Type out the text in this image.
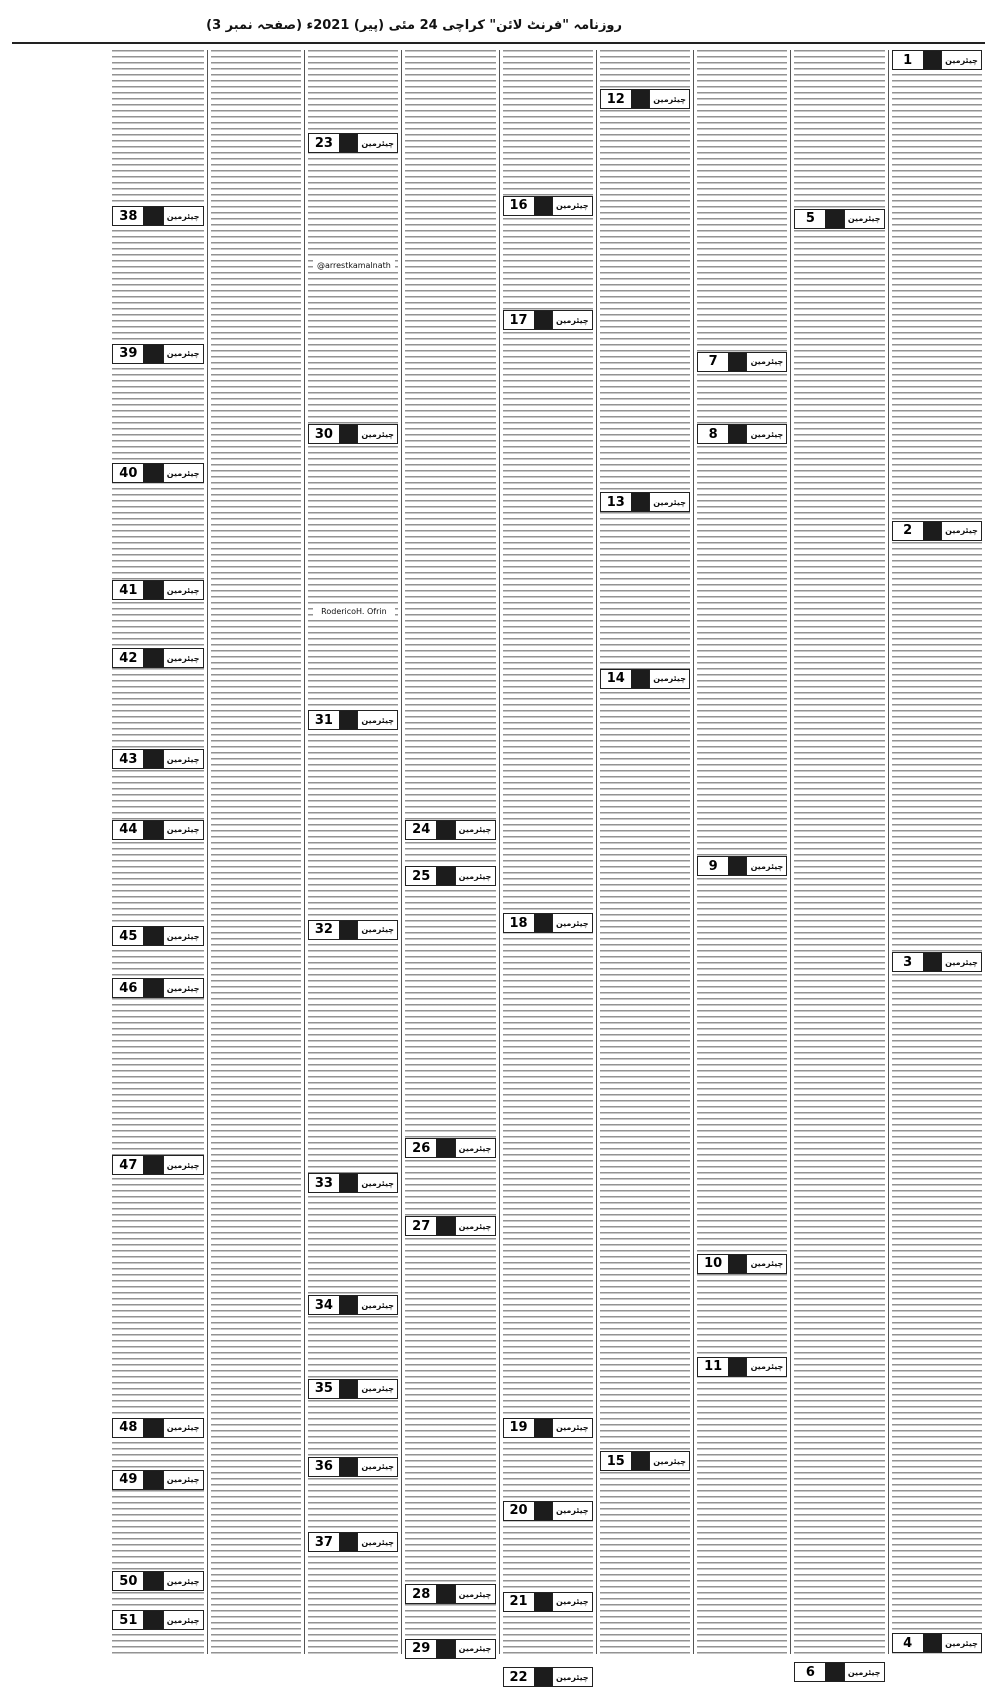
روزنامہ "فرنٹ لائن" کراچی 24 مئی (پیر) 2021ء (صفحہ نمبر 3)
چیئرمین
1
چیئرمین
2
چیئرمین
3
چیئرمین
4
چیئرمین
5
چیئرمین
6
چیئرمین
7
چیئرمین
8
چیئرمین
9
چیئرمین
10
چیئرمین
11
چیئرمین
12
چیئرمین
13
چیئرمین
14
چیئرمین
15
چیئرمین
16
چیئرمین
17
چیئرمین
18
چیئرمین
19
چیئرمین
20
چیئرمین
21
چیئرمین
22
چیئرمین
24
چیئرمین
25
چیئرمین
26
چیئرمین
27
چیئرمین
28
چیئرمین
29
چیئرمین
23
چیئرمین
30
چیئرمین
31
چیئرمین
32
چیئرمین
33
چیئرمین
34
چیئرمین
35
چیئرمین
36
چیئرمین
37
@arrestkamalnath
RodericoH. Ofrin
چیئرمین
38
چیئرمین
39
چیئرمین
40
چیئرمین
41
چیئرمین
42
چیئرمین
43
چیئرمین
44
چیئرمین
45
چیئرمین
46
چیئرمین
47
چیئرمین
48
چیئرمین
49
چیئرمین
50
چیئرمین
51
